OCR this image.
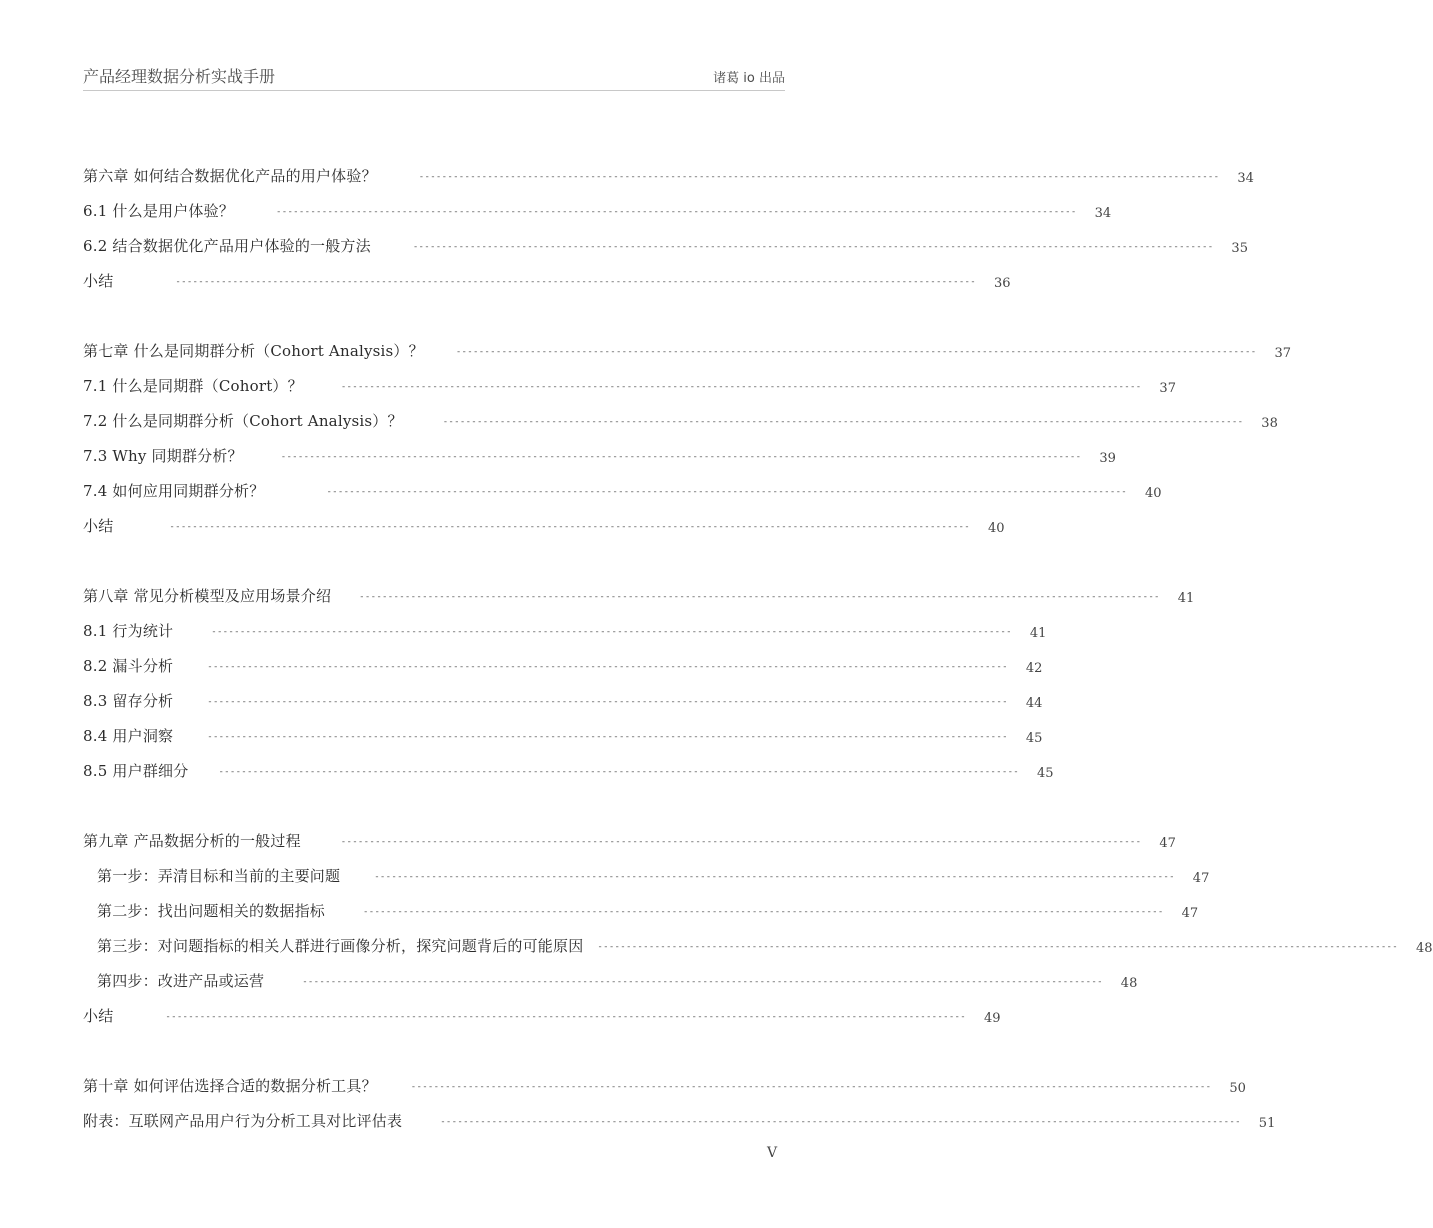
产品经理数据分析实战手册	诸葛 io 出品
第六章 如何结合数据优化产品的用户体验？	-------------------------------------------------------------------------------------------------------------------------------------------- 34
6.1 什么是用户体验？	-------------------------------------------------------------------------------------------------------------------------------------------- 34
6.2 结合数据优化产品用户体验的一般方法	-------------------------------------------------------------------------------------------------------------------------------------------- 35
小结	-------------------------------------------------------------------------------------------------------------------------------------------- 36
第七章 什么是同期群分析（Cohort Analysis）？	-------------------------------------------------------------------------------------------------------------------------------------------- 37
7.1 什么是同期群（Cohort）？	-------------------------------------------------------------------------------------------------------------------------------------------- 37
7.2 什么是同期群分析（Cohort Analysis）？	-------------------------------------------------------------------------------------------------------------------------------------------- 38
7.3 Why 同期群分析？	-------------------------------------------------------------------------------------------------------------------------------------------- 39
7.4 如何应用同期群分析？	-------------------------------------------------------------------------------------------------------------------------------------------- 40
小结	-------------------------------------------------------------------------------------------------------------------------------------------- 40
第八章 常见分析模型及应用场景介绍	-------------------------------------------------------------------------------------------------------------------------------------------- 41
8.1 行为统计	-------------------------------------------------------------------------------------------------------------------------------------------- 41
8.2 漏斗分析	-------------------------------------------------------------------------------------------------------------------------------------------- 42
8.3 留存分析	-------------------------------------------------------------------------------------------------------------------------------------------- 44
8.4 用户洞察	-------------------------------------------------------------------------------------------------------------------------------------------- 45
8.5 用户群细分	-------------------------------------------------------------------------------------------------------------------------------------------- 45
第九章 产品数据分析的一般过程	-------------------------------------------------------------------------------------------------------------------------------------------- 47
第一步：弄清目标和当前的主要问题	-------------------------------------------------------------------------------------------------------------------------------------------- 47
第二步：找出问题相关的数据指标	-------------------------------------------------------------------------------------------------------------------------------------------- 47
第三步：对问题指标的相关人群进行画像分析，探究问题背后的可能原因 -------------------------------------------------------------------------------------------------------------------------------------------- 48
第四步：改进产品或运营	-------------------------------------------------------------------------------------------------------------------------------------------- 48
小结	-------------------------------------------------------------------------------------------------------------------------------------------- 49
第十章 如何评估选择合适的数据分析工具？	-------------------------------------------------------------------------------------------------------------------------------------------- 50
附表：互联网产品用户行为分析工具对比评估表	-------------------------------------------------------------------------------------------------------------------------------------------- 51
V
